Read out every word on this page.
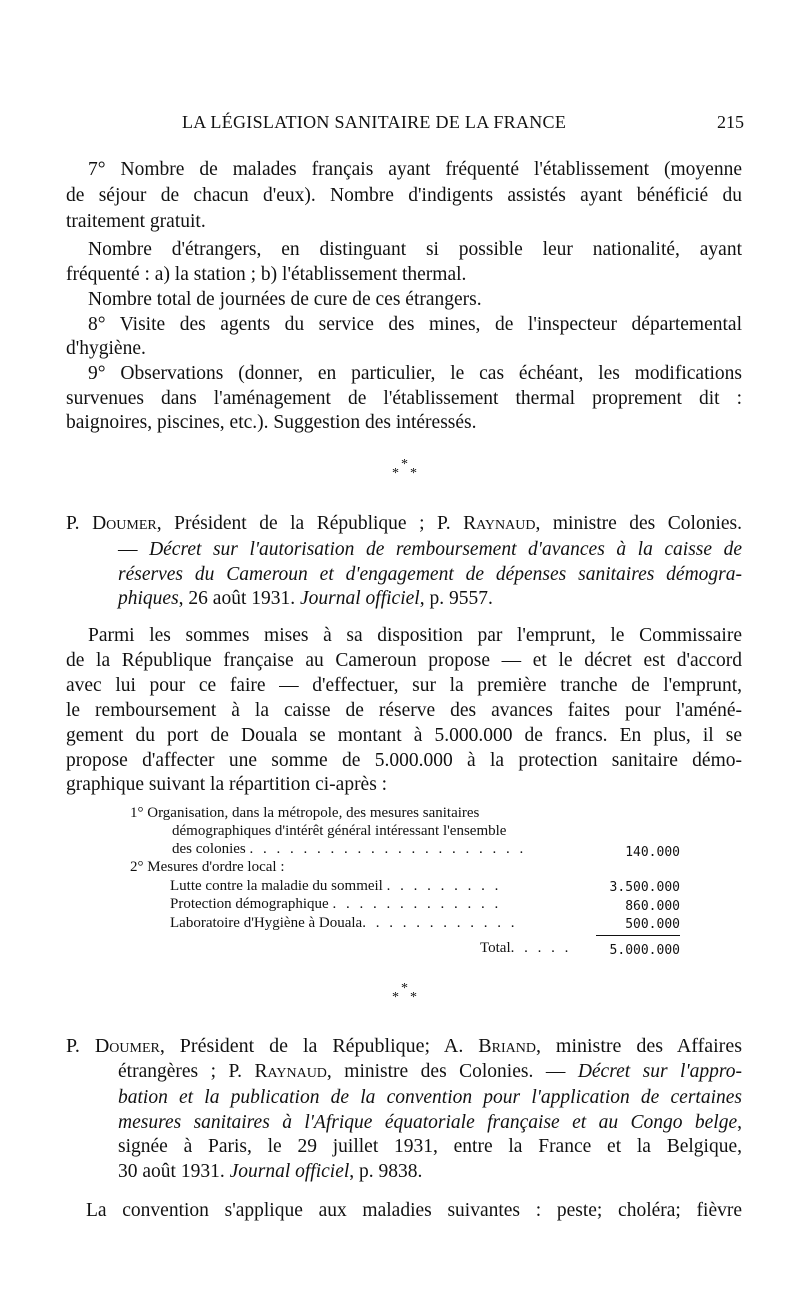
LA LÉGISLATION SANITAIRE DE LA FRANCE	215
7° Nombre de malades français ayant fréquenté l'établissement (moyenne
de séjour de chacun d'eux). Nombre d'indigents assistés ayant bénéficié du
traitement gratuit.
Nombre d'étrangers, en distinguant si possible leur nationalité, ayant
fréquenté : a) la station ; b) l'établissement thermal.
Nombre total de journées de cure de ces étrangers.
8° Visite des agents du service des mines, de l'inspecteur départemental
d'hygiène.
9° Observations (donner, en particulier, le cas échéant, les modifications
survenues dans l'aménagement de l'établissement thermal proprement dit :
baignoires, piscines, etc.). Suggestion des intéressés.
*
* *
P. Doumer, Président de la République ; P. Raynaud, ministre des Colonies.
— Décret sur l'autorisation de remboursement d'avances à la caisse de
réserves du Cameroun et d'engagement de dépenses sanitaires démogra-
phiques, 26 août 1931. Journal officiel, p. 9557.
Parmi les sommes mises à sa disposition par l'emprunt, le Commissaire
de la République française au Cameroun propose — et le décret est d'accord
avec lui pour ce faire — d'effectuer, sur la première tranche de l'emprunt,
le remboursement à la caisse de réserve des avances faites pour l'améné-
gement du port de Douala se montant à 5.000.000 de francs. En plus, il se
propose d'affecter une somme de 5.000.000 à la protection sanitaire démo-
graphique suivant la répartition ci-après :
1° Organisation, dans la métropole, des mesures sanitaires
démographiques d'intérêt général intéressant l'ensemble
des colonies . . . . . . . . . . . . . . . . . . . . .	140.000
2° Mesures d'ordre local :
Lutte contre la maladie du sommeil . . . . . . . . .	3.500.000
Protection démographique . . . . . . . . . . . . .	860.000
Laboratoire d'Hygiène à Douala. . . . . . . . . . . .	500.000
Total. . . . .	5.000.000
*
* *
P. Doumer, Président de la République; A. Briand, ministre des Affaires
étrangères ; P. Raynaud, ministre des Colonies. — Décret sur l'appro-
bation et la publication de la convention pour l'application de certaines
mesures sanitaires à l'Afrique équatoriale française et au Congo belge,
signée à Paris, le 29 juillet 1931, entre la France et la Belgique,
30 août 1931. Journal officiel, p. 9838.
La convention s'applique aux maladies suivantes : peste; choléra; fièvre
